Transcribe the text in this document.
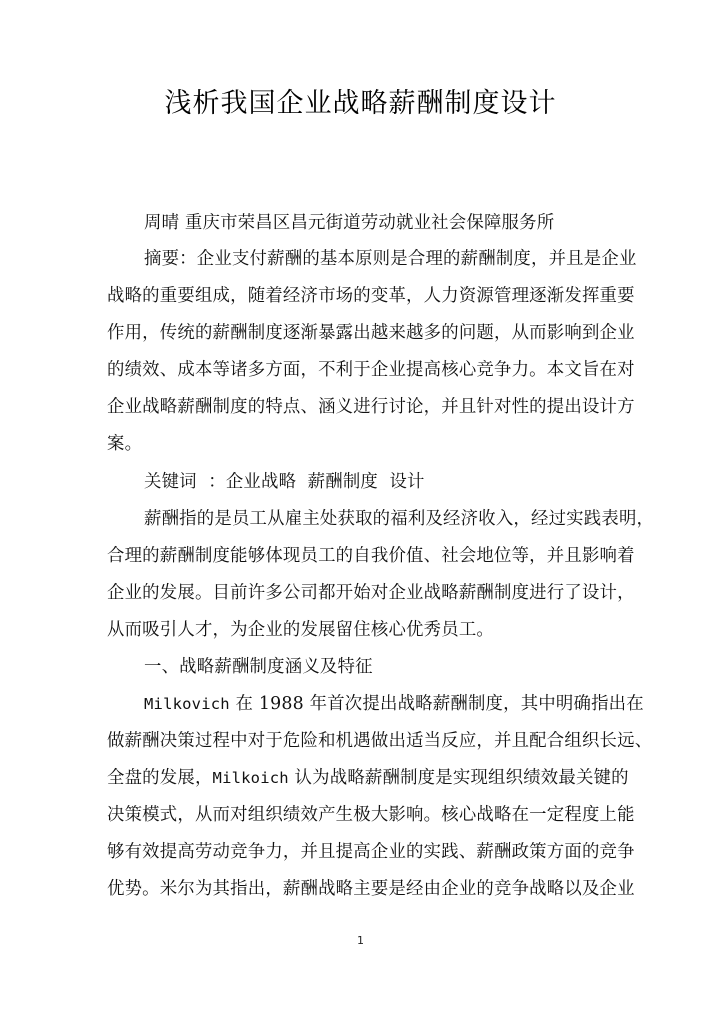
浅析我国企业战略薪酬制度设计
周晴 重庆市荣昌区昌元街道劳动就业社会保障服务所
摘要：企业支付薪酬的基本原则是合理的薪酬制度，并且是企业
战略的重要组成，随着经济市场的变革，人力资源管理逐渐发挥重要
作用，传统的薪酬制度逐渐暴露出越来越多的问题，从而影响到企业
的绩效、成本等诸多方面，不利于企业提高核心竞争力。本文旨在对
企业战略薪酬制度的特点、涵义进行讨论，并且针对性的提出设计方
案。
关键词  ：企业战略  薪酬制度  设计
薪酬指的是员工从雇主处获取的福利及经济收入，经过实践表明，
合理的薪酬制度能够体现员工的自我价值、社会地位等，并且影响着
企业的发展。目前许多公司都开始对企业战略薪酬制度进行了设计，
从而吸引人才，为企业的发展留住核心优秀员工。
一、战略薪酬制度涵义及特征
Milkovich 在 1988 年首次提出战略薪酬制度，其中明确指出在
做薪酬决策过程中对于危险和机遇做出适当反应，并且配合组织长远、
全盘的发展，Milkoich 认为战略薪酬制度是实现组织绩效最关键的
决策模式，从而对组织绩效产生极大影响。核心战略在一定程度上能
够有效提高劳动竞争力，并且提高企业的实践、薪酬政策方面的竞争
优势。米尔为其指出，薪酬战略主要是经由企业的竞争战略以及企业
1
